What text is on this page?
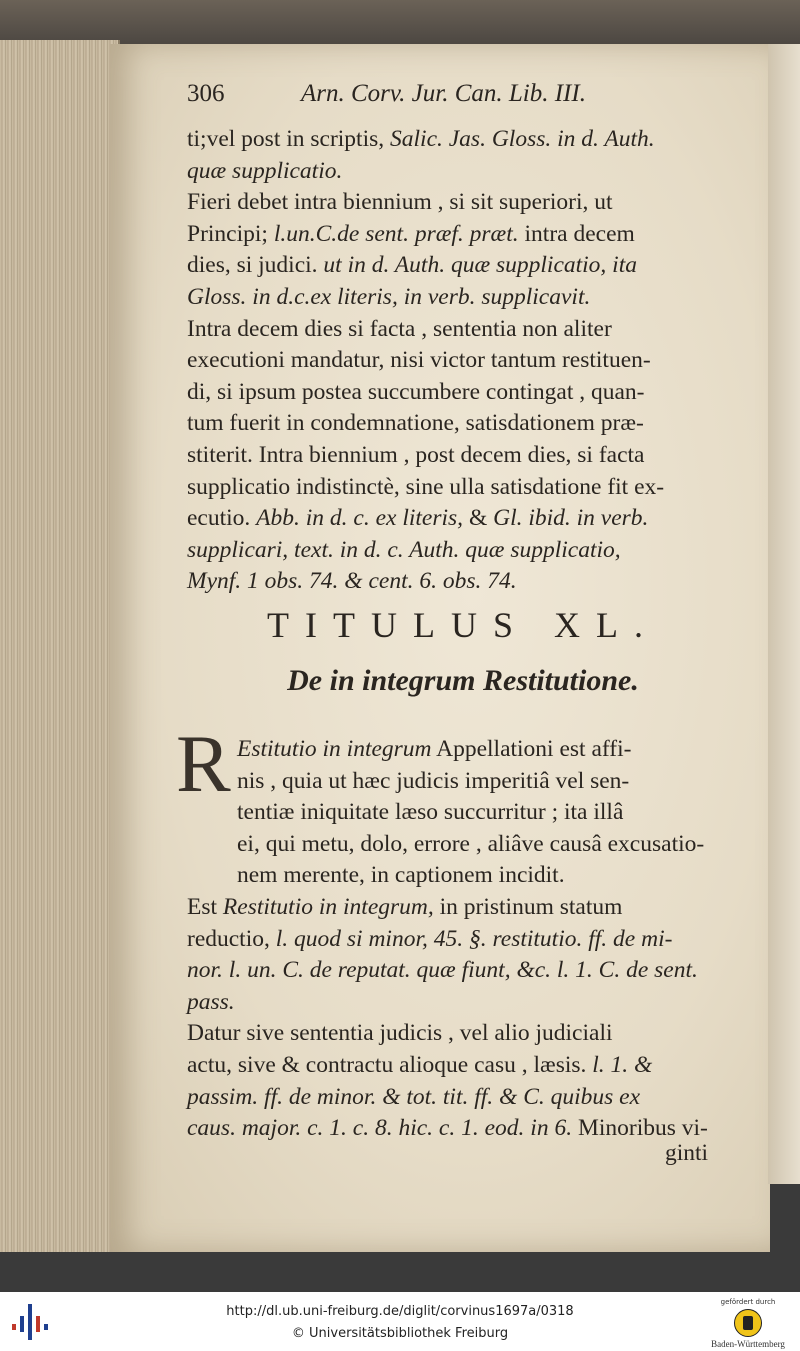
306	Arn. Corv. Jur. Can. Lib. III.
ti;vel post in scriptis, Salic. Jas. Gloss. in d. Auth.
quæ supplicatio.
Fieri debet intra biennium , si sit superiori, ut
Principi; l.un.C.de sent. præf. præt. intra decem
dies, si judici. ut in d. Auth. quæ supplicatio, ita
Gloss. in d.c.ex literis, in verb. supplicavit.
Intra decem dies si facta , sententia non aliter
executioni mandatur, nisi victor tantum restituen-
di, si ipsum postea succumbere contingat , quan-
tum fuerit in condemnatione, satisdationem præ-
stiterit. Intra biennium , post decem dies, si facta
supplicatio indistinctè, sine ulla satisdatione fit ex-
ecutio. Abb. in d. c. ex literis, & Gl. ibid. in verb.
supplicari, text. in d. c. Auth. quæ supplicatio,
Mynf. 1 obs. 74. & cent. 6. obs. 74.
TITULUS XL.
De in integrum Restitutione.
R Estitutio in integrum Appellationi est affi-
nis , quia ut hæc judicis imperitiâ vel sen-
tentiæ iniquitate læso succurritur ; ita illâ
ei, qui metu, dolo, errore , aliâve causâ excusatio-
nem merente, in captionem incidit.
Est Restitutio in integrum, in pristinum statum
reductio, l. quod si minor, 45. §. restitutio. ff. de mi-
nor. l. un. C. de reputat. quæ fiunt, &c. l. 1. C. de sent.
pass.
Datur sive sententia judicis , vel alio judiciali
actu, sive & contractu alioque casu , læsis. l. 1. &
passim. ff. de minor. & tot. tit. ff. & C. quibus ex
caus. major. c. 1. c. 8. hic. c. 1. eod. in 6. Minoribus vi-
ginti
http://dl.ub.uni-freiburg.de/diglit/corvinus1697a/0318
© Universitätsbibliothek Freiburg
gefördert durch
Baden-Württemberg
